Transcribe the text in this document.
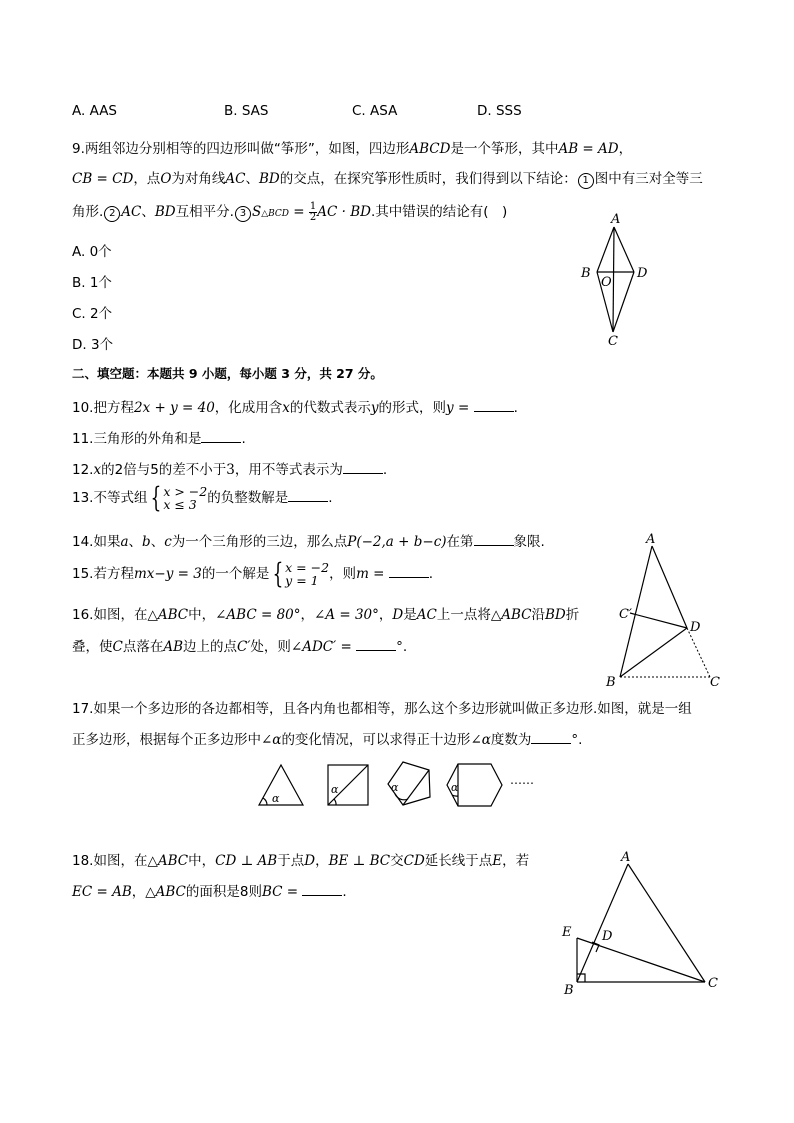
A. AAS	B. SAS	C. ASA	D. SSS
9.两组邻边分别相等的四边形叫做“筝形”，如图，四边形ABCD是一个筝形，其中AB = AD，
CB = CD，点O为对角线AC、BD的交点，在探究筝形性质时，我们得到以下结论： 1 图中有三对全等三
角形. 2 AC、BD互相平分. 3 S△BCD = $\frac{1}{2}$ AC · BD.其中错误的结论有(　)
A. 0个
B. 1个
C. 2个
D. 3个
A
B	D
O
C
二、填空题：本题共 9 小题，每小题 3 分，共 27 分。
10.把方程2x + y = 40，化成用含x的代数式表示y的形式，则y =	.
11.三角形的外角和是	.
12.x的2倍与5的差不小于3，用不等式表示为	.
13.不等式组 { x > −2
x ≤ 3 的负整数解是	.
14.如果a、b、c为一个三角形的三边，那么点P(−2,a + b−c)在第	象限.
15.若方程mx−y = 3的一个解是 { x = −2
y = 1 ，则m =	.
16.如图，在△ABC中，∠ABC = 80°，∠A = 30°，D是AC上一点将△ABC沿BD折
叠，使C点落在AB边上的点C′处，则∠ADC′ =	°.
A
C′
D
B	C
17.如果一个多边形的各边都相等，且各内角也都相等，那么这个多边形就叫做正多边形.如图，就是一组
正多边形，根据每个正多边形中∠α的变化情况，可以求得正十边形∠α度数为	°.
α
α	α	α
……
18.如图，在△ABC中，CD ⊥ AB于点D，BE ⊥ BC交CD延长线于点E，若
EC = AB，△ABC的面积是8则BC =	.
A
E D
B	C
